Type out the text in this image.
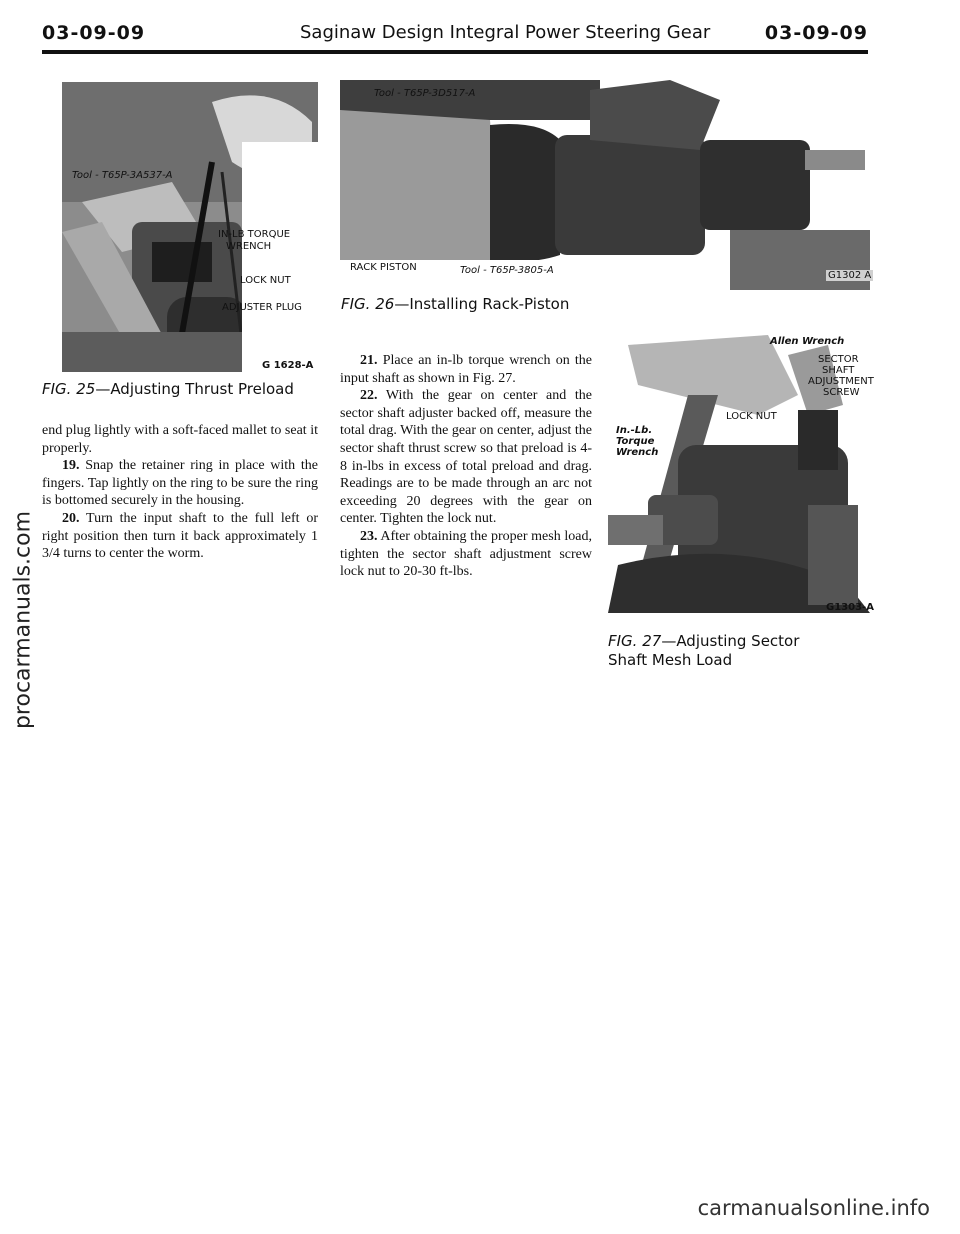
03-09-09	Saginaw Design Integral Power Steering Gear	03-09-09
Tool - T65P-3A537-A
IN-LB TORQUE
WRENCH
LOCK NUT
ADJUSTER PLUG
G 1628-A
FIG. 25—Adjusting Thrust Preload
Tool - T65P-3D517-A
RACK PISTON	Tool - T65P-3805-A	G1302 A
FIG. 26—Installing Rack-Piston
Allen Wrench
SECTOR
SHAFT
ADJUSTMENT
SCREW
In.-Lb.
Torque
Wrench
LOCK NUT
G1303-A
FIG. 27—Adjusting Sector
Shaft Mesh Load

end plug lightly with a soft-faced mallet to seat it properly.

19. Snap the retainer ring in place with the fingers. Tap lightly on the ring to be sure the ring is bottomed securely in the housing.

20. Turn the input shaft to the full left or right position then turn it back approximately 1 3/4 turns to center the worm.

21. Place an in-lb torque wrench on the input shaft as shown in Fig. 27.

22. With the gear on center and the sector shaft adjuster backed off, measure the total drag. With the gear on center, adjust the sector shaft thrust screw so that preload is 4-8 in-lbs in excess of total preload and drag. Readings are to be made through an arc not exceeding 20 degrees with the gear on center. Tighten the lock nut.

23. After obtaining the proper mesh load, tighten the sector shaft adjustment screw lock nut to 20-30 ft-lbs.

procarmanuals.com
carmanualsonline.info
